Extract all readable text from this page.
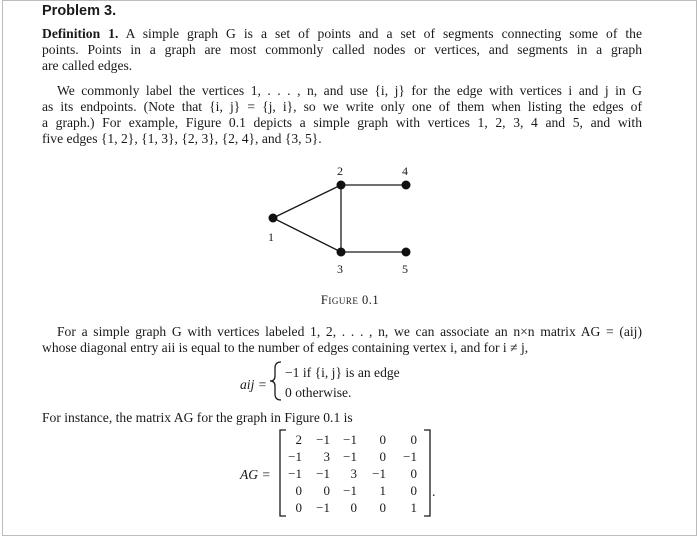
Problem 3.
Definition 1. A simple graph G is a set of points and a set of segments connecting some of the
points. Points in a graph are most commonly called nodes or vertices, and segments in a graph
are called edges.
We commonly label the vertices 1, . . . , n, and use {i, j} for the edge with vertices i and j in G
as its endpoints. (Note that {i, j} = {j, i}, so we write only one of them when listing the edges of
a graph.) For example, Figure 0.1 depicts a simple graph with vertices 1, 2, 3, 4 and 5, and with
five edges {1, 2}, {1, 3}, {2, 3}, {2, 4}, and {3, 5}.
1
2
3
4
5
Figure 0.1
For a simple graph G with vertices labeled 1, 2, . . . , n, we can associate an n×n matrix AG = (aij)
whose diagonal entry aii is equal to the number of edges containing vertex i, and for i ≠ j,
aij =
−1 if {i, j} is an edge
0 otherwise.
For instance, the matrix AG for the graph in Figure 0.1 is
AG =
2	−1	−1	0	0
−1	3	−1	0	−1
−1	−1	3	−1	0
0	0	−1	1	0
0	−1	0	0	1
.
